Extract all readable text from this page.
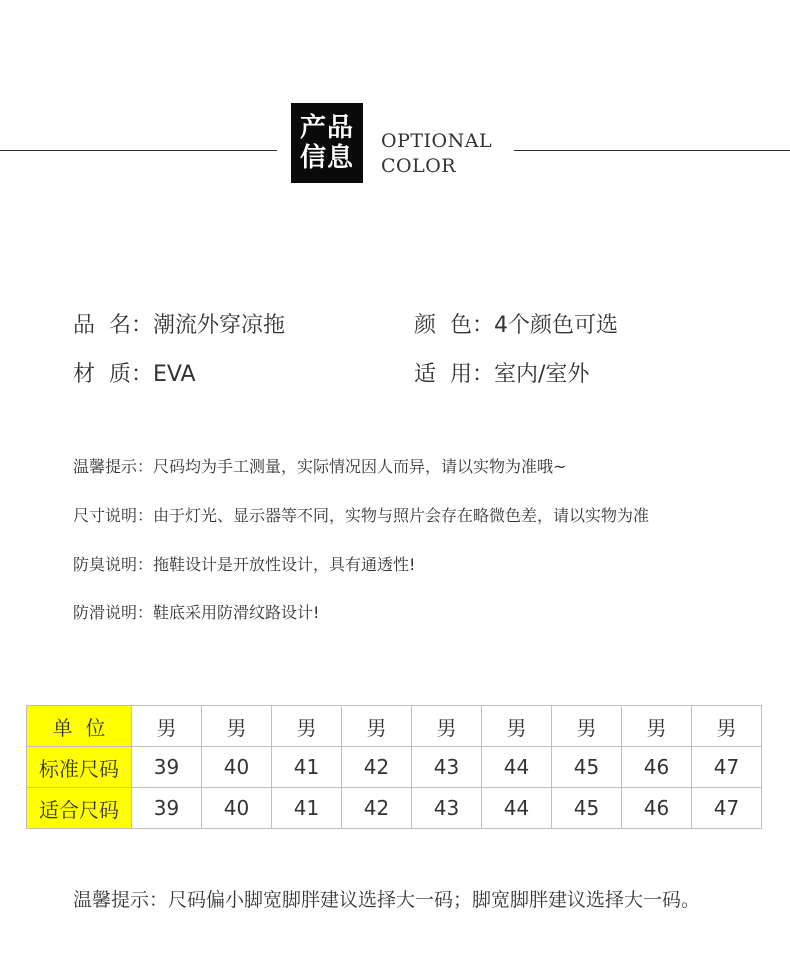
产品
信息
OPTIONAL
COLOR
品  名：潮流外穿凉拖	颜  色：4个颜色可选
材  质：EVA	适  用：室内/室外
温馨提示：尺码均为手工测量，实际情况因人而异，请以实物为准哦~
尺寸说明：由于灯光、显示器等不同，实物与照片会存在略微色差，请以实物为准
防臭说明：拖鞋设计是开放性设计，具有通透性!
防滑说明：鞋底采用防滑纹路设计!
单  位	男	男	男	男	男	男	男	男	男
标准尺码	39	40	41	42	43	44	45	46	47
适合尺码	39	40	41	42	43	44	45	46	47
温馨提示：尺码偏小脚宽脚胖建议选择大一码；脚宽脚胖建议选择大一码。
